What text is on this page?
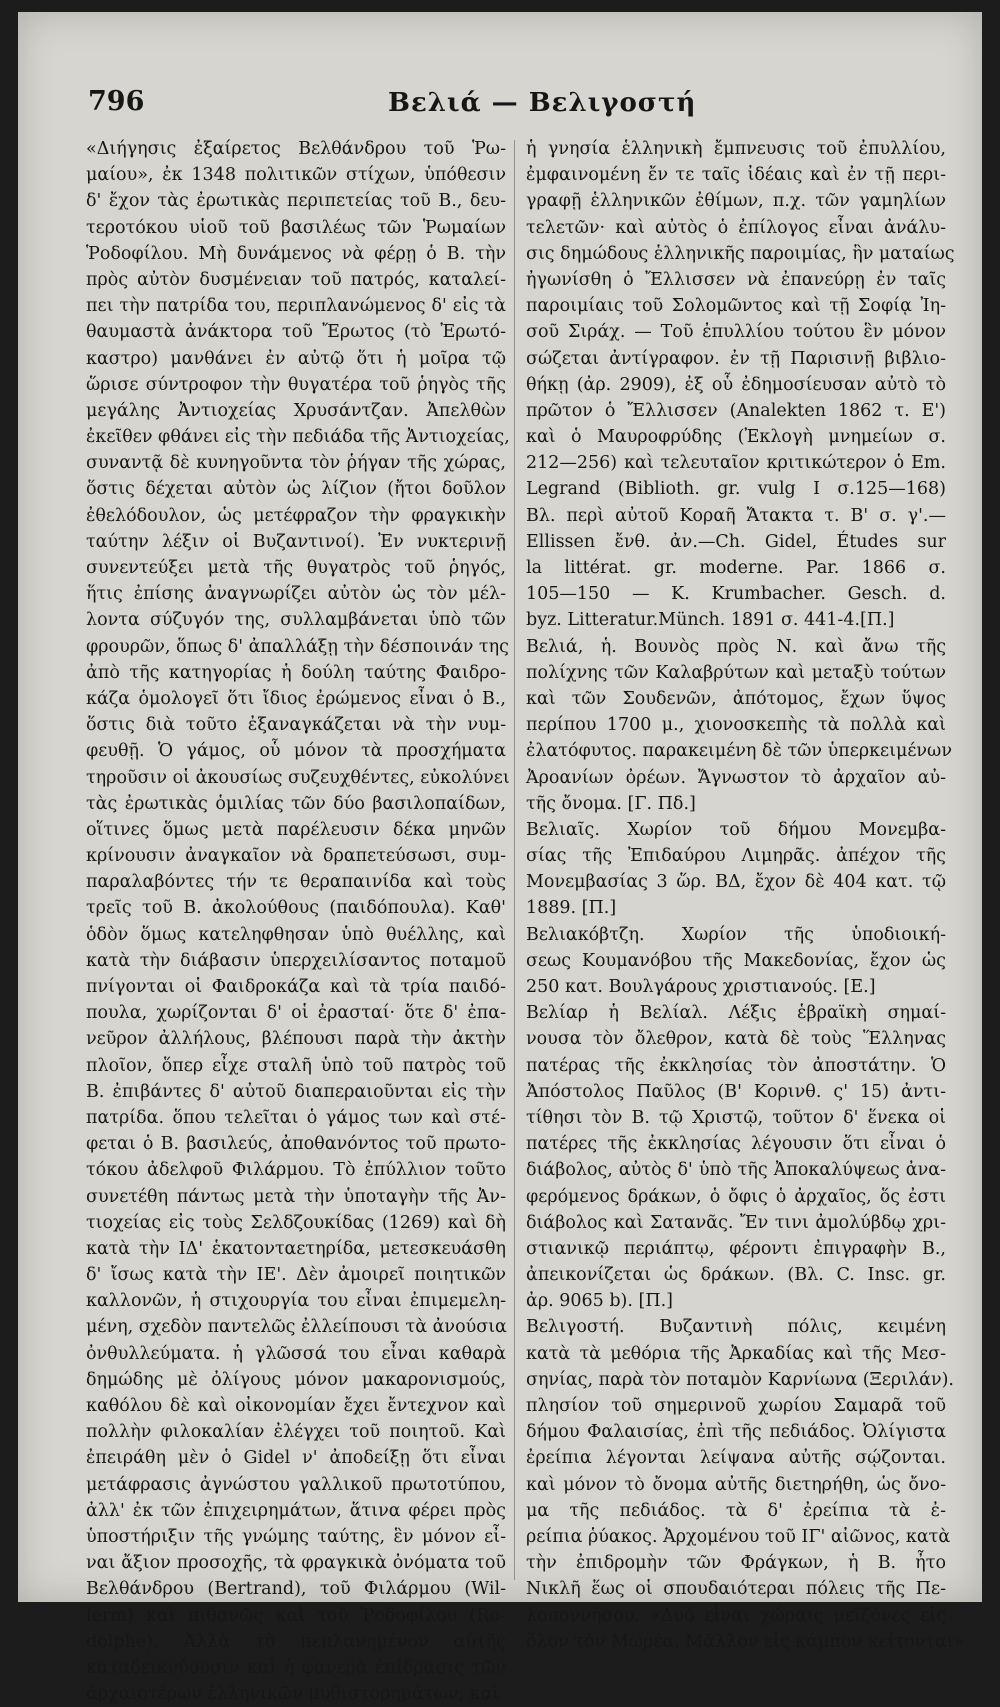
796	Βελιά — Βελιγοστή
«Διήγησις ἐξαίρετος Βελθάνδρου τοῦ Ῥω-
μαίου», ἐκ 1348 πολιτικῶν στίχων, ὑπόθεσιν
δ' ἔχον τὰς ἐρωτικὰς περιπετείας τοῦ Β., δευ-
τεροτόκου υἱοῦ τοῦ βασιλέως τῶν Ῥωμαίων
Ῥοδοφίλου. Μὴ δυνάμενος νὰ φέρῃ ὁ Β. τὴν
πρὸς αὐτὸν δυσμένειαν τοῦ πατρός, καταλεί-
πει τὴν πατρίδα του, περιπλανώμενος δ' εἰς τὰ
θαυμαστὰ ἀνάκτορα τοῦ Ἔρωτος (τὸ Ἐρωτό-
καστρο) μανθάνει ἐν αὐτῷ ὅτι ἡ μοῖρα τῷ
ὥρισε σύντροφον τὴν θυγατέρα τοῦ ῥηγὸς τῆς
μεγάλης Ἀντιοχείας Χρυσάντζαν. Ἀπελθὼν
ἐκεῖθεν φθάνει εἰς τὴν πεδιάδα τῆς Ἀντιοχείας,
συναντᾷ δὲ κυνηγοῦντα τὸν ῥήγαν τῆς χώρας,
ὅστις δέχεται αὐτὸν ὡς λίζιον (ἤτοι δοῦλον
ἐθελόδουλον, ὡς μετέφραζον τὴν φραγκικὴν
ταύτην λέξιν οἱ Βυζαντινοί). Ἐν νυκτερινῇ
συνεντεύξει μετὰ τῆς θυγατρὸς τοῦ ῥηγός,
ἥτις ἐπίσης ἀναγνωρίζει αὐτὸν ὡς τὸν μέλ-
λοντα σύζυγόν της, συλλαμβάνεται ὑπὸ τῶν
φρουρῶν, ὅπως δ' ἀπαλλάξῃ τὴν δέσποινάν της
ἀπὸ τῆς κατηγορίας ἡ δούλη ταύτης Φαιδρο-
κάζα ὁμολογεῖ ὅτι ἴδιος ἐρώμενος εἶναι ὁ Β.,
ὅστις διὰ τοῦτο ἐξαναγκάζεται νὰ τὴν νυμ-
φευθῇ. Ὁ γάμος, οὗ μόνον τὰ προσχήματα
τηροῦσιν οἱ ἀκουσίως συζευχθέντες, εὐκολύνει
τὰς ἐρωτικὰς ὁμιλίας τῶν δύο βασιλοπαίδων,
οἵτινες ὅμως μετὰ παρέλευσιν δέκα μηνῶν
κρίνουσιν ἀναγκαῖον νὰ δραπετεύσωσι, συμ-
παραλαβόντες τήν τε θεραπαινίδα καὶ τοὺς
τρεῖς τοῦ Β. ἀκολούθους (παιδόπουλα). Καθ'
ὁδὸν ὅμως κατεληφθησαν ὑπὸ θυέλλης, καὶ
κατὰ τὴν διάβασιν ὑπερχειλίσαντος ποταμοῦ
πνίγονται οἱ Φαιδροκάζα καὶ τὰ τρία παιδό-
πουλα, χωρίζονται δ' οἱ ἐρασταί· ὅτε δ' ἐπα-
νεῦρον ἀλλήλους, βλέπουσι παρὰ τὴν ἀκτὴν
πλοῖον, ὅπερ εἶχε σταλῆ ὑπὸ τοῦ πατρὸς τοῦ
Β. ἐπιβάντες δ' αὐτοῦ διαπεραιοῦνται εἰς τὴν
πατρίδα. ὅπου τελεῖται ὁ γάμος των καὶ στέ-
φεται ὁ Β. βασιλεύς, ἀποθανόντος τοῦ πρωτο-
τόκου ἀδελφοῦ Φιλάρμου. Τὸ ἐπύλλιον τοῦτο
συνετέθη πάντως μετὰ τὴν ὑποταγὴν τῆς Ἀν-
τιοχείας εἰς τοὺς Σελδζουκίδας (1269) καὶ δὴ
κατὰ τὴν ΙΔ' ἑκατονταετηρίδα, μετεσκευάσθη
δ' ἴσως κατὰ τὴν ΙΕ'. Δὲν ἀμοιρεῖ ποιητικῶν
καλλονῶν, ἡ στιχουργία του εἶναι ἐπιμεμελη-
μένη, σχεδὸν παντελῶς ἐλλείπουσι τὰ ἀνούσια
ὀνθυλλεύματα. ἡ γλῶσσά του εἶναι καθαρὰ
δημώδης μὲ ὀλίγους μόνον μακαρονισμούς,
καθόλου δὲ καὶ οἰκονομίαν ἔχει ἔντεχνον καὶ
πολλὴν φιλοκαλίαν ἐλέγχει τοῦ ποιητοῦ. Καὶ
ἐπειράθη μὲν ὁ Gidel ν' ἀποδείξῃ ὅτι εἶναι
μετάφρασις ἀγνώστου γαλλικοῦ πρωτοτύπου,
ἀλλ' ἐκ τῶν ἐπιχειρημάτων, ἅτινα φέρει πρὸς
ὑποστήριξιν τῆς γνώμης ταύτης, ἓν μόνον εἶ-
ναι ἄξιον προσοχῆς, τὰ φραγκικὰ ὀνόματα τοῦ
Βελθάνδρου (Bertrand), τοῦ Φιλάρμου (Wil-
lerm) καὶ πιθανῶς καὶ τοῦ Ῥοδοφίλου (Ro-
dolphe). Ἀλλὰ τὸ πεπλανημένον αὐτῆς
καταδεικνύουσιν καὶ ἡ φανερὰ ἐπίδρασις τῶν
ἀρχαιοτέρων ἑλληνικῶν μυθιστορημάτων, καὶ
ἡ γνησία ἑλληνικὴ ἔμπνευσις τοῦ ἐπυλλίου,
ἐμφαινομένη ἔν τε ταῖς ἰδέαις καὶ ἐν τῇ περι-
γραφῇ ἑλληνικῶν ἐθίμων, π.χ. τῶν γαμηλίων
τελετῶν· καὶ αὐτὸς ὁ ἐπίλογος εἶναι ἀνάλυ-
σις δημώδους ἑλληνικῆς παροιμίας, ἣν ματαίως
ἠγωνίσθη ὁ Ἔλλισσεν νὰ ἐπανεύρῃ ἐν ταῖς
παροιμίαις τοῦ Σολομῶντος καὶ τῇ Σοφίᾳ Ἰη-
σοῦ Σιράχ. — Τοῦ ἐπυλλίου τούτου ἓν μόνον
σώζεται ἀντίγραφον. ἐν τῇ Παρισινῇ βιβλιο-
θήκῃ (ἀρ. 2909), ἐξ οὗ ἐδημοσίευσαν αὐτὸ τὸ
πρῶτον ὁ Ἔλλισσεν (Analekten 1862 τ. Ε')
καὶ ὁ Μαυροφρύδης (Ἐκλογὴ μνημείων σ.
212—256) καὶ τελευταῖον κριτικώτερον ὁ Em.
Legrand (Biblioth. gr. vulg I σ.125—168)
Βλ. περὶ αὐτοῦ Κοραῆ Ἄτακτα τ. Β' σ. γ'.—
Ellissen ἔνθ. ἀν.—Ch. Gidel, Études sur
la littérat. gr. moderne. Par. 1866 σ.
105—150 — K. Krumbacher. Gesch. d.
byz. Litteratur.Münch. 1891 σ. 441-4.[Π.]
Βελιά, ἡ. Βουνὸς πρὸς Ν. καὶ ἄνω τῆς
πολίχνης τῶν Καλαβρύτων καὶ μεταξὺ τούτων
καὶ τῶν Σουδενῶν, ἀπότομος, ἔχων ὕψος
περίπου 1700 μ., χιονοσκεπὴς τὰ πολλὰ καὶ
ἐλατόφυτος. παρακειμένη δὲ τῶν ὑπερκειμένων
Ἀροανίων ὀρέων. Ἄγνωστον τὸ ἀρχαῖον αὐ-
τῆς ὄνομα. [Γ. Πδ.]
Βελιαῖς. Χωρίον τοῦ δήμου Μονεμβα-
σίας τῆς Ἐπιδαύρου Λιμηρᾶς. ἀπέχον τῆς
Μονεμβασίας 3 ὥρ. ΒΔ, ἔχον δὲ 404 κατ. τῷ
1889. [Π.]
Βελιακόβτζη. Χωρίον τῆς ὑποδιοική-
σεως Κουμανόβου τῆς Μακεδονίας, ἔχον ὡς
250 κατ. Βουλγάρους χριστιανούς. [Ε.]
Βελίαρ ἡ Βελίαλ. Λέξις ἑβραϊκὴ σημαί-
νουσα τὸν ὄλεθρον, κατὰ δὲ τοὺς Ἕλληνας
πατέρας τῆς ἐκκλησίας τὸν ἀποστάτην. Ὁ
Ἀπόστολος Παῦλος (Β' Κορινθ. ς' 15) ἀντι-
τίθησι τὸν Β. τῷ Χριστῷ, τοῦτον δ' ἕνεκα οἱ
πατέρες τῆς ἐκκλησίας λέγουσιν ὅτι εἶναι ὁ
διάβολος, αὐτὸς δ' ὑπὸ τῆς Ἀποκαλύψεως ἀνα-
φερόμενος δράκων, ὁ ὄφις ὁ ἀρχαῖος, ὅς ἐστι
διάβολος καὶ Σατανᾶς. Ἔν τινι ἀμολύβδῳ χρι-
στιανικῷ περιάπτῳ, φέροντι ἐπιγραφὴν Β.,
ἀπεικονίζεται ὡς δράκων. (Βλ. C. Insc. gr.
ἀρ. 9065 b). [Π.]
Βελιγοστή. Βυζαντινὴ πόλις, κειμένη
κατὰ τὰ μεθόρια τῆς Ἀρκαδίας καὶ τῆς Μεσ-
σηνίας, παρὰ τὸν ποταμὸν Καρνίωνα (Ξεριλάν).
πλησίον τοῦ σημερινοῦ χωρίου Σαμαρᾶ τοῦ
δήμου Φαλαισίας, ἐπὶ τῆς πεδιάδος. Ὀλίγιστα
ἐρείπια λέγονται λείψανα αὐτῆς σῴζονται.
καὶ μόνον τὸ ὄνομα αὐτῆς διετηρήθη, ὡς ὄνο-
μα τῆς πεδιάδος. τὰ δ' ἐρείπια τὰ ἐ-
ρείπια ῥύακος. Ἀρχομένου τοῦ ΙΓ' αἰῶνος, κατὰ
τὴν ἐπιδρομὴν τῶν Φράγκων, ἡ Β. ἦτο
Νικλῆ ἕως οἱ σπουδαιότεραι πόλεις τῆς Πε-
λοποννήσου. «Δυὸ εἶναι χώραις μεῖζόνες εἰς
ὅλον τὸν Μωρέα, Μᾶλλον εἰς κάμπον κείτονται»
